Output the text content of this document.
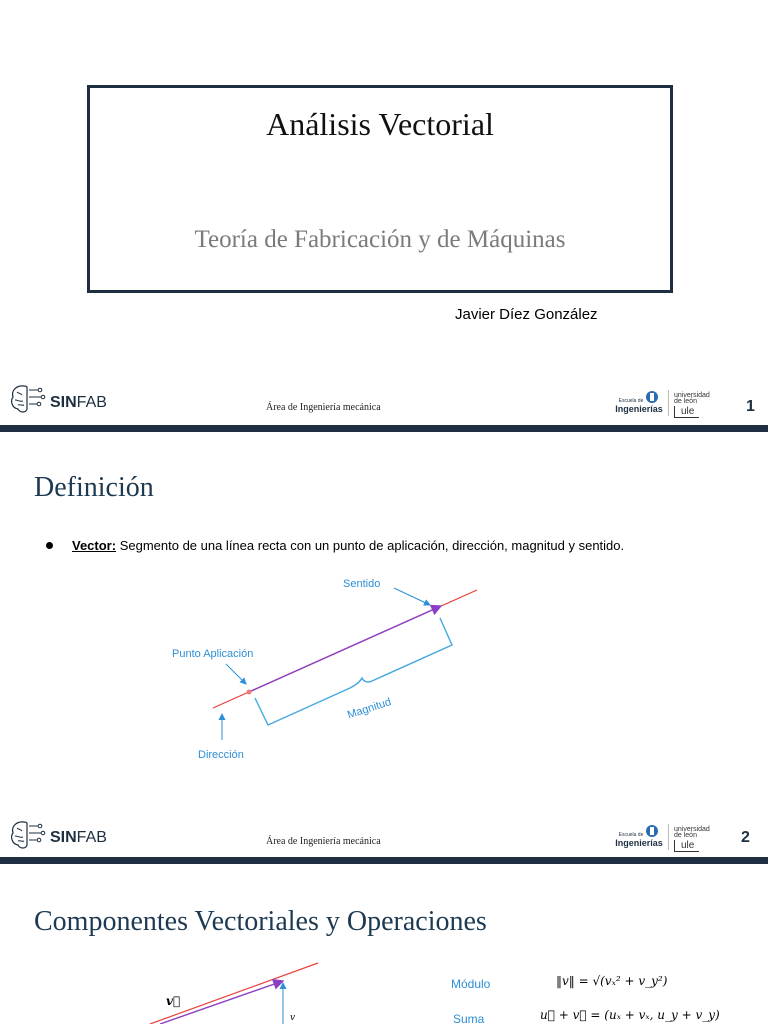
Análisis Vectorial
Teoría de Fabricación y de Máquinas
Javier Díez González
SINFAB	Área de Ingeniería mecánica
Escuela de
Ingenierías
universidad
de león
ule	1
Definición
Vector: Segmento de una línea recta con un punto de aplicación, dirección, magnitud y sentido.
Sentido
Punto Aplicación
Magnitud
Dirección
SINFAB	Área de Ingeniería mecánica
Escuela de
Ingenierías
universidad
de león
ule	2
Componentes Vectoriales y Operaciones
v⃗
v
Módulo	‖v‖ = √(vₓ² + v_y²)
Suma	u⃗ + v⃗ = (uₓ + vₓ, u_y + v_y)
